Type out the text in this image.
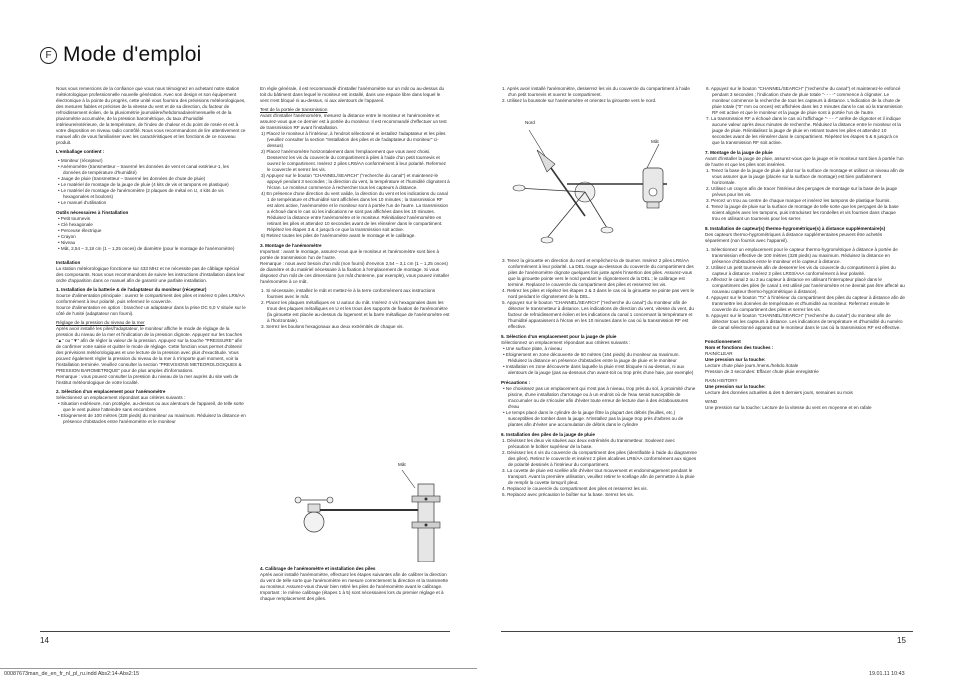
F Mode d'emploi

Nous vous remercions de la confiance que vous nous témoignez en achetant notre station météorologique professionnelle nouvelle génération. Avec son design et son équipement électronique à la pointe du progrès, cette unité vous fournira des prévisions météorologiques, des mesures fiables et précises de la vitesse du vent et de sa direction, du facteur de refroidissement éolien, de la pluviométrie journalière/hebdomadaire/mensuelle et de la pluviométrie accumulée, de la pression barométrique, du taux d'humidité intérieure/extérieure, de la température, de l'index de chaleur et du point de rosée et est à votre disposition en niveau radio contrôlé. Nous vous recommandons de lire attentivement ce manuel afin de vous familiariser avec les caractéristiques et les fonctions de ce nouveau produit.

L'emballage contient :

• Moniteur (récepteur)
• Anémomètre (transmetteur – traverné les données de vent et canal extérieur-1, les données de température d'humidité)
• Jauge de pluie (transmetteur – traverné les données de chute de pluie)
• Le matériel de montage de la jauge de pluie (4 kits de vis et tampons en plastique)
• Le matériel de montage de l'anémomètre (2 plaques de métal en U, 4 kits de vis hexagonales et boulons)
• Le manuel d'utilisation

Outils nécessaires à l'installation

• Petit tournevis
• Clé hexagonale
• Perceuse électrique
• Crayon
• Niveau
• Mât, 2,54 – 3,18 cm (1 – 1,25 onces) de diamètre (pour le montage de l'anémomètre)

Installation

La station météorologique fonctionne sur 433 MHz et ne nécessite pas de câblage spécial des composants. Nous vous recommandons de suivre les instructions d'installation dans leur ordre d'apparition dans ce manuel afin de garantir une parfaite installation.

1. Installation de la batterie & de l'adaptateur du moniteur (récepteur)

Source d'alimentation principale : ouvrez le compartiment des piles et insérez 6 piles LR6/AA conformément à leur polarité, puis refermez le couvercle.

Source d'alimentation en option : branchez un adaptateur dans la prise DC 6,0 V située sur le côté de l'unité (adaptateur non fourni).

Réglage de la pression du niveau de la mer

Après avoir installé les piles/l'adaptateur, le moniteur affiche le mode de réglage de la pression du niveau de la mer et l'indication de la pression clignote. Appuyez sur les touches "▲" ou "▼" afin de régler la valeur de la pression. Appuyez sur la touche "PRESSURE" afin de confirmer votre saisie et quitter le mode de réglage. Cette fonction vous permet d'obtenir des prévisions météorologiques et une lecture de la pression avec plus d'exactitude. Vous pouvez également régler la pression du niveau de la mer à n'importe quel moment, voir la l'installation terminée. Veuillez consulter la section "PREVISIONS METEOROLOGIQUES & PRESSION BAROMETRIQUE" pour de plus amples d'informations.

Remarque : vous pouvez consulter la pression du niveau de la mer auprès du site web de l'institut météorologique de votre localité.

2. Sélection d'un emplacement pour l'anémomètre

Sélectionnez un emplacement répondant aux critères suivants :

• Situation extérieure, non protégée, au-dessus ou aux alentours de l'appareil, de telle sorte que le vent puisse l'atteindre sans encombres
• Eloignement de 100 mètres (328 pieds) du moniteur au maximum. Réduisez la distance en présence d'obstacles entre l'anémomètre et le moniteur

En règle générale, il est recommandé d'installer l'anémomètre sur un mât ou au-dessus du toit du bâtiment dans lequel le moniteur est installé, dans une espace libre dans lequel le vent n'est bloqué ni au-dessus, ni aux alentours de l'appareil.

Test de la portée de transmission

Avant d'installer l'anémomètre, mesurez la distance entre le moniteur et l'anémomètre et assurez-vous que ce dernier est à portée du moniteur. Il est recommandé d'effectuer un test de transmission RF avant l'installation.

1) Placez le moniteur à l'intérieur, à l'endroit sélectionné et installez l'adaptateur et les piles (veuillez consulter la section "Installation des piles et de l'adaptateur du moniteur" ci-dessus)
2) Placez l'anémomètre horizontalement dans l'emplacement que vous avez choisi. Desserrez les vis du couvercle du compartiment à piles à l'aide d'un petit tournevis et ouvrez le compartiment. Insérez 2 piles LR6/AA conformément à leur polarité. Refermez le couvercle et serrez les vis.
3) Appuyez sur le bouton "CHANNEL/SEARCH" ("recherche du canal") et maintenez-le appuyé pendant 3 secondes ; la direction du vent, la température et l'humidité clignotent à l'écran. Le moniteur commence à rechercher tous les capteurs à distance.
4) En présence d'une direction du vent valide, la direction du vent et les indications du canal 1 de température et d'humidité sont affichées dans les 10 minutes ; la transmission RF est alors active, l'anémomètre et le moniteur sont à portée l'un de l'autre. La transmission a échoué dans le cas où les indications ne sont pas affichées dans les 10 minutes. Réduisez la distance entre l'anémomètre et le moniteur. Réinitialisez l'anémomètre en retirant les piles et attendez 10 secondes avant de les réinsérer dans le compartiment. Répétez les étapes 3 & 4 jusqu'à ce que la transmission soit active.
5) Retirez toutes les piles de l'anémomètre avant le montage et le calibrage.

3. Montage de l'anémomètre

Important : avant le montage, assurez-vous que le moniteur et l'anémomètre sont bien à portée de transmission l'un de l'autre.

Remarque : nous avez besoin d'un mât (non fourni) d'environ 2,54 – 3,1 cm (1 – 1,25 onces) de diamètre et du matériel nécessaire à la fixation à l'emplacement de montage. Si vous disposez d'un mât de ces dimensions (un mât d'antenne, par exemple), vous pouvez installer l'anémomètre à ce mât.

1. Si nécessaire, installez le mât et mettez-le à la terre conformément aux instructions fournies avec le mât.
2. Placez les plaques métalliques en U autour du mât. Insérez 4 vis hexagonales dans les trous des plaques métalliques en U et les trous des supports de fixation de l'anémomètre (la girouette est placée au-dessus du logement et la barre métallique de l'anémomètre est à l'horizontale).
3. Serrez les boulons hexagonaux aux deux extrémités de chaque vis.
Mât

4. Calibrage de l'anémomètre et installation des piles

Après avoir installé l'anémomètre, effectuez les étapes suivantes afin de calibrer la direction du vent de telle sorte que l'anémomètre en mesure correctement la direction et la transmette au moniteur. Assurez-vous d'avoir bien retiré les piles de l'anémomètre avant le calibrage.

Important : le même calibrage (étapes 1 à 5) sont nécessaires lors du premier réglage et à chaque remplacement des piles.

14
00087673man_de_en_fr_nl_pl_ru.indd Abs2:14-Abs2:15
1. Après avoir installé l'anémomètre, desserrez les vis du couvercle du compartiment à l'aide d'un petit tournevis et ouvrez le compartiment.
2. Utilisez la boussole sur l'anémomètre et orientez la girouette vers le nord.
Nord
Mât
3. Tenez la girouette en direction du nord et empêchez-la de tourner. Insérez 2 piles LR6/AA conformément à leur polarité. La DEL rouge au-dessous du couvercle du compartiment des piles de l'anémomètre clignote quelques fois juste après l'insertion des piles. Assurez-vous que la girouette pointe vers le nord pendant le clignotement de la DEL ; le calibrage est terminé. Replacez le couvercle du compartiment des piles et resserrez les vis.
4. Retirez les piles et répétez les étapes 2 & 3 dans le cas où la girouette ne pointe pas vers le nord pendant le clignotement de la DEL.
5. Appuyez sur le bouton "CHANNEL/SEARCH" ("recherche du canal") du moniteur afin de détecter le transmetteur à distance. Les indications de direction du vent, vitesse du vent, du facteur de refroidissement éolien et les indications du canal 1 concernant la température et l'humidité apparaissent à l'écran en les 10 minutes dans le cas où la transmission RF est effective.

5. Sélection d'un emplacement pour la jauge de pluie

Sélectionnez un emplacement répondant aux critères suivants :

• Une surface plate, à niveau
• Eloignement en zone découverte de 50 mètres (164 pieds) du moniteur au maximum. Réduisez la distance en présence d'obstacles entre la jauge de pluie et le moniteur
• Installation en zone découverte dans laquelle la pluie n'est bloquée ni au-dessus, ni aux alentours de la jauge (pas au-dessous d'un avant-toit ou trop près d'une haie, par exemple)

Précautions :

• Ne choisissez pas un emplacement qui n'est pas à niveau, trop près du sol, à proximité d'une piscine, d'une installation d'arrosage ou à un endroit où de l'eau serait susceptible de s'accumuler ou de s'écouler afin d'éviter toute erreur de lecture due à des éclaboussures d'eau
• Le temps placé dans le cylindre de la jauge filtre la plupart des débris (feuilles, etc.) susceptibles de tomber dans la jauge. N'installez pas la jauge trop près d'arbres ou de plantes afin d'éviter une accumulation de débris dans le cylindre

6. Installation des piles de la jauge de pluie

1. Dévissez les deux vis situées aux deux extrémités du transmetteur. Soulevez avec précaution le boîtier supérieur de la base.
2. Dévissez les 4 vis du couvercle du compartiment des piles (identifiable à l'aide du diagramme des piles). Retirez le couvercle et insérez 2 piles alcalines LR6/AA conformément aux signes de polarité dessinés à l'intérieur du compartiment.
3. La cuvette de pluie est scellée afin d'éviter tout mouvement et endommagement pendant le transport. Avant la première utilisation, veuillez retirer le scellage afin de permettre à la pluie de remplir la cuvette lorsqu'il pleut.
4. Replacez le couvercle du compartiment des piles et resserrez les vis.
5. Replacez avec précaution le boîtier sur la base. Serrez les vis.
6. Appuyez sur le bouton "CHANNEL/SEARCH" ("recherche du canal") et maintenez-le enfoncé pendant 3 secondes ; l'indication chute de pluie totale "- - - -" commence à clignoter. Le moniteur commence la recherche de tous les capteurs à distance. L'indication de la chute de pluie totale ("0" mm ou onces) est affichées dans les 2 minutes dans le cas où la transmission RF est active et que le moniteur et la jauge de pluie sont à portée l'un de l'autre.
7. La transmission RF a échoué dans le cas où l'affichage "- - - -" arrête de clignoter et il indique aucune valeur après deux minutes de recherche. Réduisez la distance entre le moniteur et la jauge de pluie. Réinitialisez la jauge de pluie en retirant toutes les piles et attendez 10 secondes avant de les réinsérer dans le compartiment. Répétez les étapes 5 & 6 jusqu'à ce que la transmission RF soit active.

7. Montage de la jauge de pluie

Avant d'installer la jauge de pluie, assurez-vous que la jauge et le moniteur sont bien à portée l'un de l'autre et que les piles sont insérées.

1. Tenez la base de la jauge de pluie à plat sur la surface de montage et utilisez un niveau afin de vous assurer que la jauge (placée sur la surface de montage) est bien parfaitement horizontale.
2. Utilisez un crayon afin de tracer l'intérieur des perçages de montage sur la base de la jauge prévus pour les vis.
3. Percez un trou au centre de chaque marque et insérez les tampons de plastique fournis.
4. Tenez la jauge de pluie sur la surface de montage de telle sorte que les perçages de la base soient alignés avec les tampons, puis introduisez les rondelles et vis fournies dans chaque trou en utilisant un tournevis pour les serrer.

8. Installation de capteur(s) thermo-hygrométrique(s) à distance supplémentaire(s)

Des capteurs thermo-hygrométriques à distance supplémentaires peuvent être achetés séparément (non fournis avec l'appareil).

1. Sélectionnez un emplacement pour le capteur thermo-hygrométrique à distance à portée de transmission effective de 100 mètres (328 pieds) au maximum. Réduisez la distance en présence d'obstacles entre le moniteur et le capteur à distance.
2. Utilisez un petit tournevis afin de desserrer les vis du couvercle du compartiment à piles du capteur à distance. Insérez 2 piles LR03/AAA conformément à leur polarité.
3. Affectez le canal 2 ou 3 au capteur à distance en utilisant l'interrupteur placé dans le compartiment des piles (le canal 1 est utilisé par l'anémomètre et ne devrait pas être affecté au nouveau capteur thermo-hygrométrique à distance).
4. Appuyez sur le bouton "Tx" à l'intérieur du compartiment des piles du capteur à distance afin de transmettre les données de température et d'humidité au moniteur. Refermez ensuite le couvercle du compartiment des piles et serrez les vis.
5. Appuyez sur le bouton "CHANNEL/SEARCH" ("recherche du canal") du moniteur afin de détecter tous les capteurs à distance. Les indications de température et d'humidité du numéro de canal sélectionné apparait sur le moniteur dans le cas où la transmission RF est effective.

Fonctionnement

Nom et fonctions des touches :

RAIN/CLEAR

Une pression sur la touche:

Lecture chute pluie journ./mens./hebdo./totale

Pression de 3 secondes: Effacer chute pluie enregistrée

RAIN HISTORY

Une pression sur la touche:

Lecture des données actuelles & des 6 derniers jours, semaines ou mois

WIND

Une pression sur la touche: Lecture de la vitesse du vent en moyenne et en rafale

15
19.01.11 10:43
